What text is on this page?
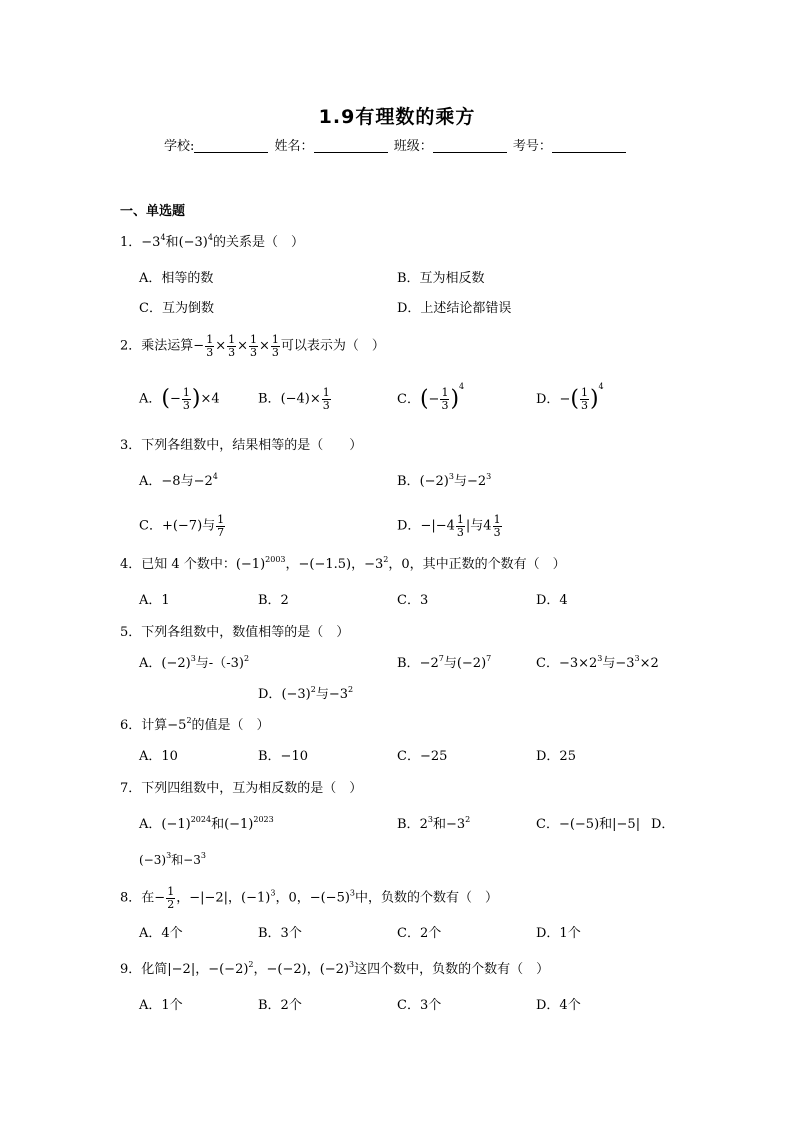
1.9有理数的乘方
学校:	姓名：	班级：	考号：
一、单选题
1．$-3^4$和$(-3)^4$的关系是（　）
A．相等的数	B．互为相反数
C．互为倒数	D．上述结论都错误
2．乘法运算− $\frac{1}{3} \times \frac{1}{3} \times \frac{1}{3} \times \frac{1}{3}$ 可以表示为（　）
A．(− $\frac{1}{3} )\times 4$	B．$(-4)\times \frac{1}{3}$	C．(− $\frac{1}{3} )^4$
D．−( $\frac{1}{3} )^4$
3．下列各组数中，结果相等的是（　　）
A．−8与$-2^4$	B．$(-2)^3$与$-2^3$
C．+(−7)与 $\frac{1}{7}$	D．$-|-4 \frac{1}{3}$ |与$4 \frac{1}{3}$
4．已知 4 个数中：$(-1)^{2003}$，−(−1.5)，$-3^2$，0，其中正数的个数有（　）
A．1	B．2	C．3	D．4
5．下列各组数中，数值相等的是（　）
A．$(-2)^3$与-（-3)$^2$	B．$-2^7$与$(-2)^7$	C．$-3\times 2^3$与$-3^3\times 2$
D．$(-3)^2$与$-3^2$
6．计算$-5^2$的值是（　）
A．10	B．−10	C．−25	D．25
7．下列四组数中，互为相反数的是（　）
A．$(-1)^{2024}$和$(-1)^{2023}$	B．$2^3$和$-3^2$	C．−(−5)和|−5| D．
$(-3)^3$和$-3^3$
8．在− $\frac{1}{2}$ ，−|−2|，$(-1)^3$，0，$-(-5)^3$中，负数的个数有（　）
A．4个	B．3个	C．2个	D．1个
9．化简|−2|，$-(-2)^2$，−(−2)，$(-2)^3$这四个数中，负数的个数有（　）
A．1个	B．2个	C．3个	D．4个
